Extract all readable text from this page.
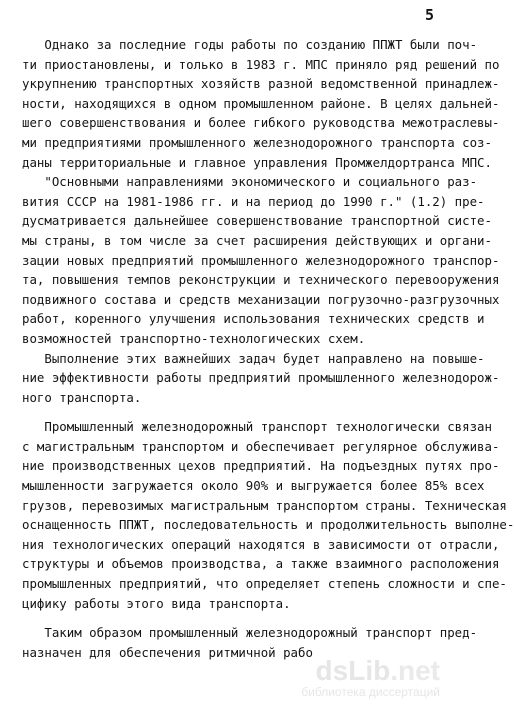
5
Однако за последние годы работы по созданию ППЖТ были поч-
ти приостановлены, и только в 1983 г. МПС приняло ряд решений по
укрупнению транспортных хозяйств разной ведомственной принадлеж-
ности, находящихся в одном промышленном районе. В целях дальней-
шего совершенствования и более гибкого руководства межотраслевы-
ми предприятиями промышленного железнодорожного транспорта соз-
даны территориальные и главное управления Промжелдортранса МПС.
"Основными направлениями экономического и социального раз-
вития СССР на 1981-1986 гг. и на период до 1990 г." (1.2) пре-
дусматривается дальнейшее совершенствование транспортной систе-
мы страны, в том числе за счет расширения действующих и органи-
зации новых предприятий промышленного железнодорожного транспор-
та, повышения темпов реконструкции и технического перевооружения
подвижного состава и средств механизации погрузочно-разгрузочных
работ, коренного улучшения использования технических средств и
возможностей транспортно-технологических схем.
Выполнение этих важнейших задач будет направлено на повыше-
ние эффективности работы предприятий промышленного железнодорож-
ного транспорта.
Промышленный железнодорожный транспорт технологически связан
с магистральным транспортом и обеспечивает регулярное обслужива-
ние производственных цехов предприятий. На подъездных путях про-
мышленности загружается около 90% и выгружается более 85% всех
грузов, перевозимых магистральным транспортом страны. Техническая
оснащенность ППЖТ, последовательность и продолжительность выполне-
ния технологических операций находятся в зависимости от отрасли,
структуры и объемов производства, а также взаимного расположения
промышленных предприятий, что определяет степень сложности и спе-
цифику работы этого вида транспорта.
Таким образом промышленный железнодорожный транспорт пред-
назначен для обеспечения ритмичной рабо
dsLib.net
библиотека диссертаций
